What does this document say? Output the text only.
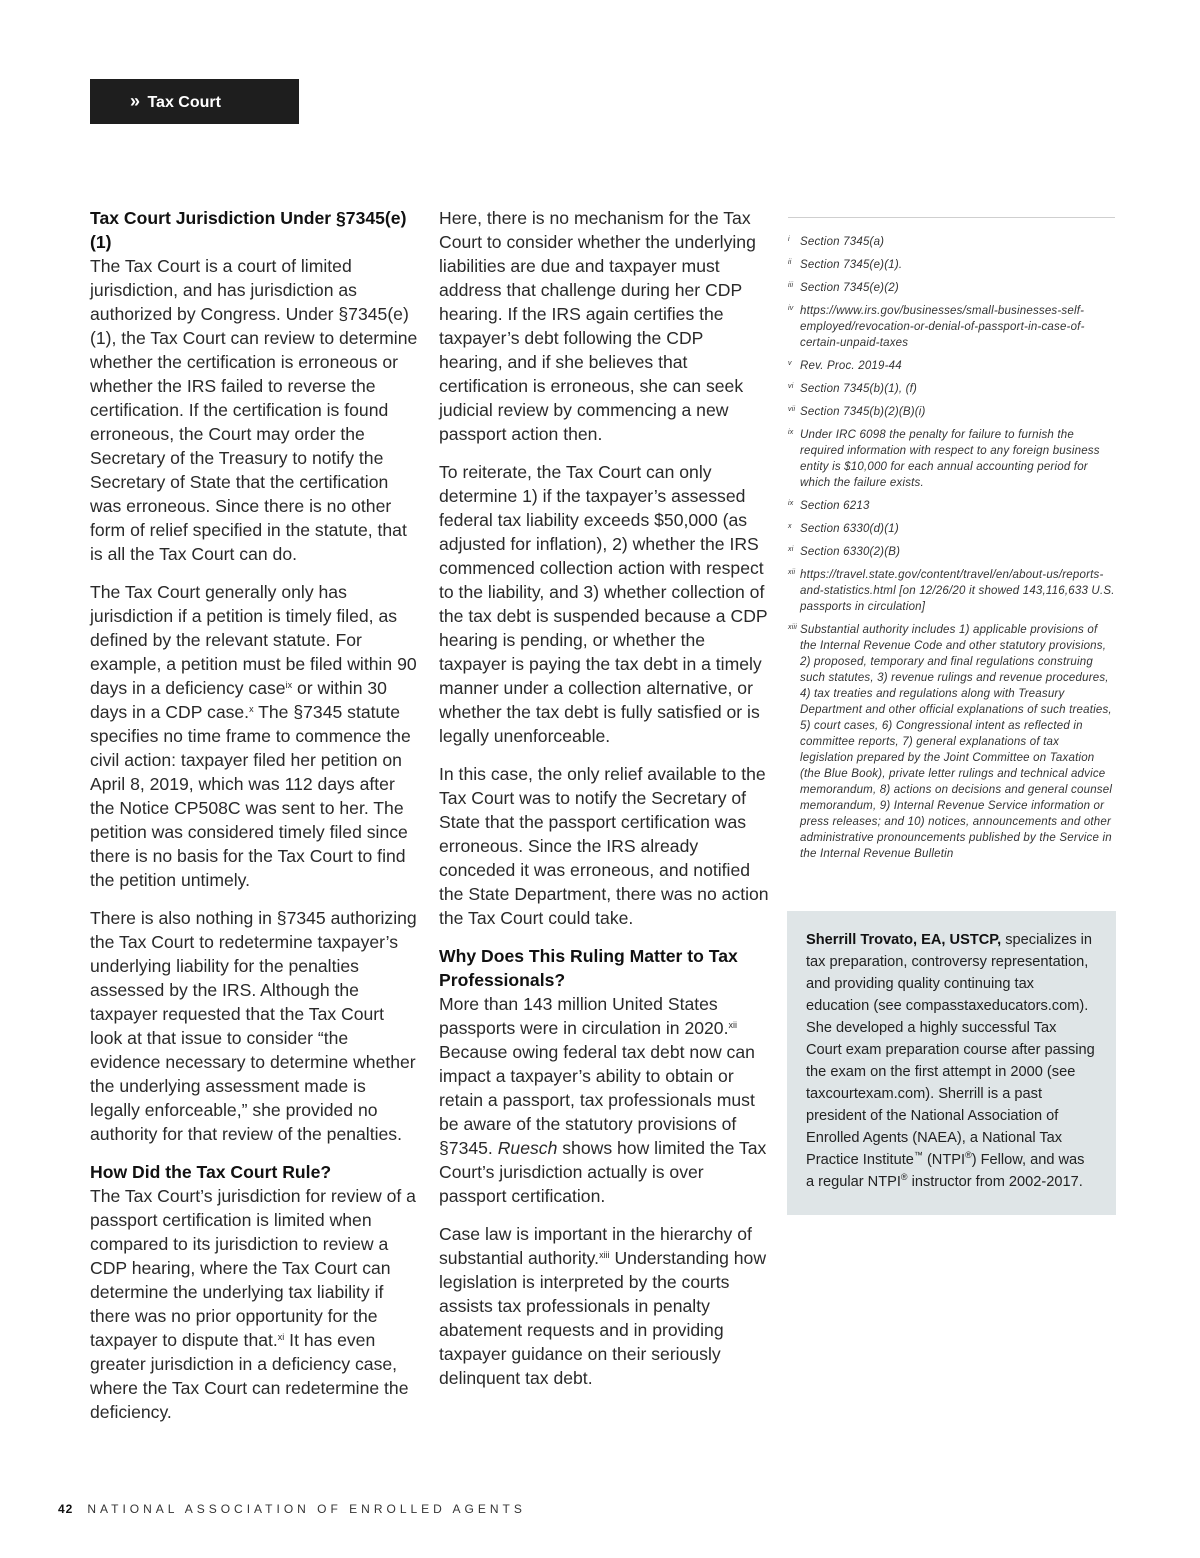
» Tax Court

Tax Court Jurisdiction Under §7345(e)(1)
The Tax Court is a court of limited jurisdiction, and has jurisdiction as authorized by Congress. Under §7345(e)(1), the Tax Court can review to determine whether the certification is erroneous or whether the IRS failed to reverse the certification. If the certification is found erroneous, the Court may order the Secretary of the Treasury to notify the Secretary of State that the certification was erroneous. Since there is no other form of relief specified in the statute, that is all the Tax Court can do.

The Tax Court generally only has jurisdiction if a petition is timely filed, as defined by the relevant statute. For example, a petition must be filed within 90 days in a deficiency case$^{ix}$ or within 30 days in a CDP case.$^x$ The §7345 statute specifies no time frame to commence the civil action: taxpayer filed her petition on April 8, 2019, which was 112 days after the Notice CP508C was sent to her. The petition was considered timely filed since there is no basis for the Tax Court to find the petition untimely.

There is also nothing in §7345 authorizing the Tax Court to redetermine taxpayer’s underlying liability for the penalties assessed by the IRS. Although the taxpayer requested that the Tax Court look at that issue to consider “the evidence necessary to determine whether the underlying assessment made is legally enforceable,” she provided no authority for that review of the penalties.

How Did the Tax Court Rule?
The Tax Court’s jurisdiction for review of a passport certification is limited when compared to its jurisdiction to review a CDP hearing, where the Tax Court can determine the underlying tax liability if there was no prior opportunity for the taxpayer to dispute that.$^{xi}$ It has even greater jurisdiction in a deficiency case, where the Tax Court can redetermine the deficiency.

Here, there is no mechanism for the Tax Court to consider whether the underlying liabilities are due and taxpayer must address that challenge during her CDP hearing. If the IRS again certifies the taxpayer’s debt following the CDP hearing, and if she believes that certification is erroneous, she can seek judicial review by commencing a new passport action then.

To reiterate, the Tax Court can only determine 1) if the taxpayer’s assessed federal tax liability exceeds $50,000 (as adjusted for inflation), 2) whether the IRS commenced collection action with respect to the liability, and 3) whether collection of the tax debt is suspended because a CDP hearing is pending, or whether the taxpayer is paying the tax debt in a timely manner under a collection alternative, or whether the tax debt is fully satisfied or is legally unenforceable.

In this case, the only relief available to the Tax Court was to notify the Secretary of State that the passport certification was erroneous. Since the IRS already conceded it was erroneous, and notified the State Department, there was no action the Tax Court could take.

Why Does This Ruling Matter to Tax Professionals?
More than 143 million United States passports were in circulation in 2020.$^{xii}$ Because owing federal tax debt now can impact a taxpayer’s ability to obtain or retain a passport, tax professionals must be aware of the statutory provisions of §7345. Ruesch shows how limited the Tax Court’s jurisdiction actually is over passport certification.

Case law is important in the hierarchy of substantial authority.$^{xiii}$ Understanding how legislation is interpreted by the courts assists tax professionals in penalty abatement requests and in providing taxpayer guidance on their seriously delinquent tax debt.

i Section 7345(a)
ii Section 7345(e)(1).
iii Section 7345(e)(2)
iv https://www.irs.gov/businesses/small-businesses-self-employed/revocation-or-denial-of-passport-in-case-of-certain-unpaid-taxes
v Rev. Proc. 2019-44
vi Section 7345(b)(1), (f)
vii Section 7345(b)(2)(B)(i)
ix Under IRC 6098 the penalty for failure to furnish the required information with respect to any foreign business entity is $10,000 for each annual accounting period for which the failure exists.
ix Section 6213
x Section 6330(d)(1)
xi Section 6330(2)(B)
xii https://travel.state.gov/content/travel/en/about-us/reports-and-statistics.html [on 12/26/20 it showed 143,116,633 U.S. passports in circulation]
xiii Substantial authority includes 1) applicable provisions of the Internal Revenue Code and other statutory provisions, 2) proposed, temporary and final regulations construing such statutes, 3) revenue rulings and revenue procedures, 4) tax treaties and regulations along with Treasury Department and other official explanations of such treaties, 5) court cases, 6) Congressional intent as reflected in committee reports, 7) general explanations of tax legislation prepared by the Joint Committee on Taxation (the Blue Book), private letter rulings and technical advice memorandum, 8) actions on decisions and general counsel memorandum, 9) Internal Revenue Service information or press releases; and 10) notices, announcements and other administrative pronouncements published by the Service in the Internal Revenue Bulletin
Sherrill Trovato, EA, USTCP, specializes in tax preparation, controversy representation, and providing quality continuing tax education (see compasstaxeducators.com). She developed a highly successful Tax Court exam preparation course after passing the exam on the first attempt in 2000 (see taxcourtexam.com). Sherrill is a past president of the National Association of Enrolled Agents (NAEA), a National Tax Practice Institute™ (NTPI®) Fellow, and was a regular NTPI® instructor from 2002-2017.
42 NATIONAL ASSOCIATION OF ENROLLED AGENTS
